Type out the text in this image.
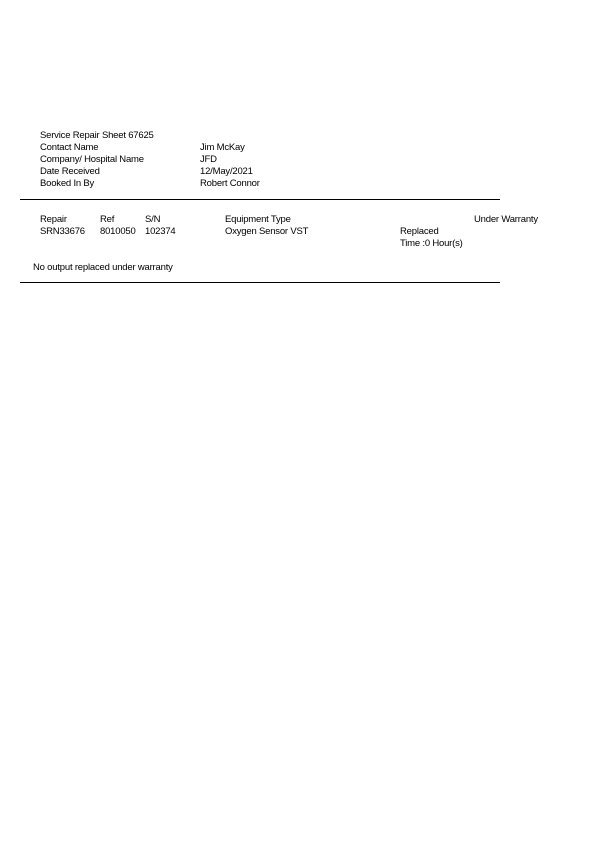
Service Repair Sheet 67625
Contact Name	Jim McKay
Company/ Hospital Name	JFD
Date Received	12/May/2021
Booked In By	Robert Connor
Repair	Ref	S/N	Equipment Type	Under Warranty
SRN33676 8010050 102374	Oxygen Sensor VST	Replaced
Time :0 Hour(s)
No output replaced under warranty
